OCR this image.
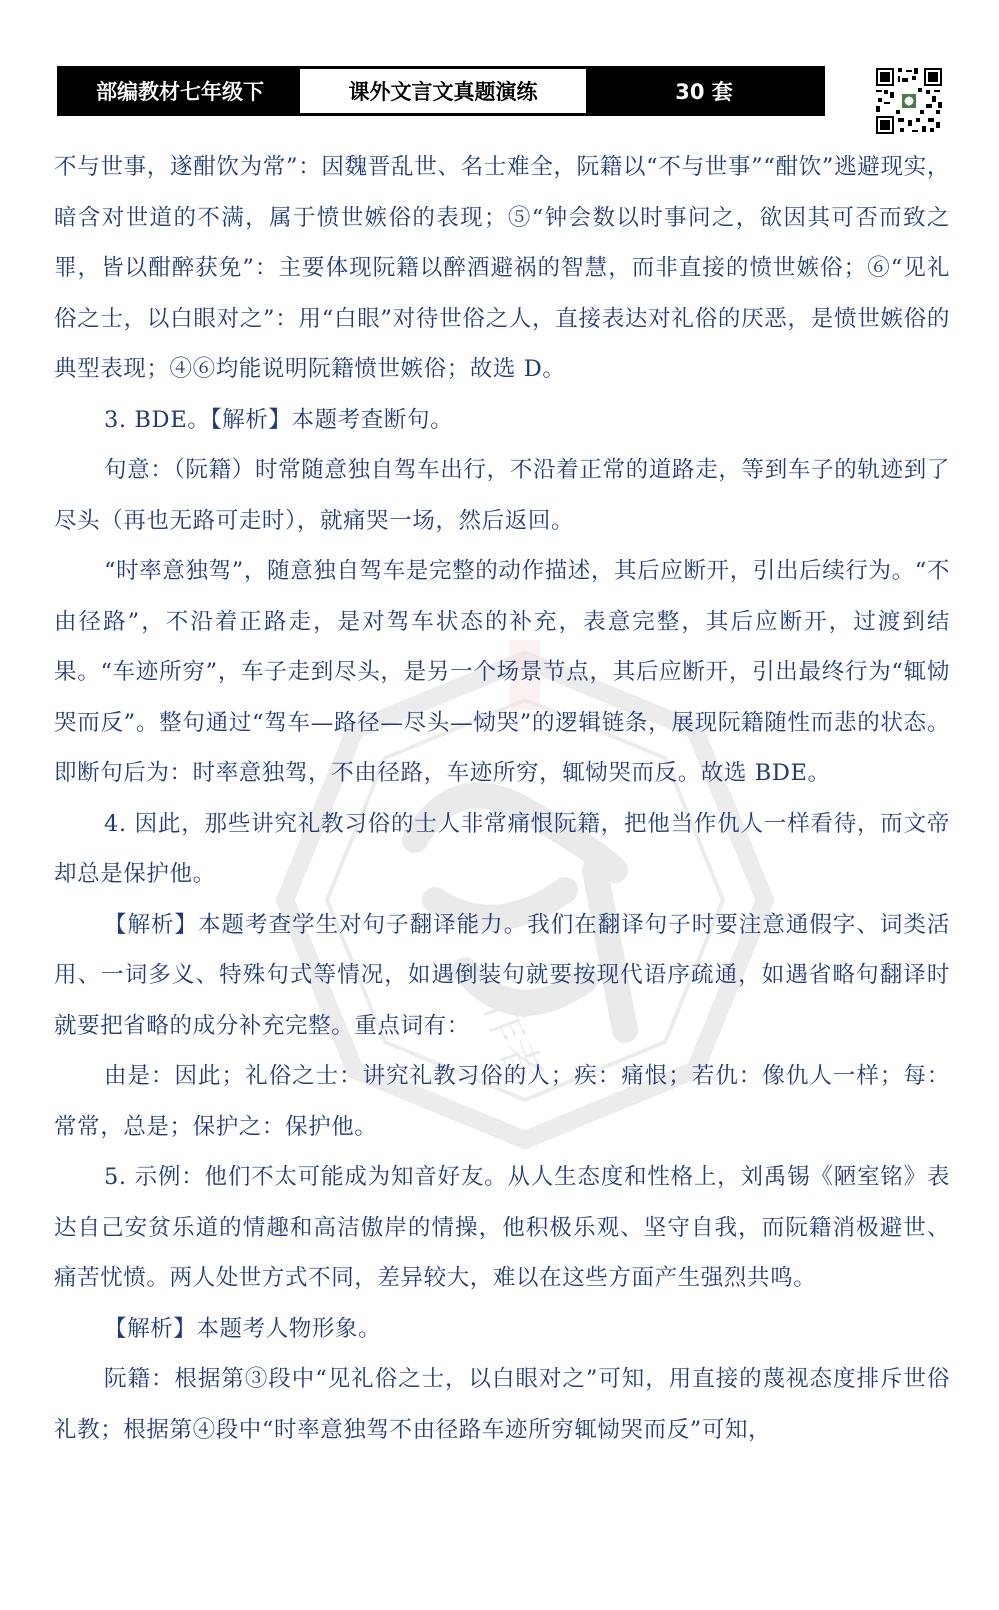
部编教材七年级下	课外文言文真题演练	30 套
作者

不与世事，遂酣饮为常”：因魏晋乱世、名士难全，阮籍以“不与世事”“酣饮”逃避现实，暗含对世道的不满，属于愤世嫉俗的表现；⑤“钟会数以时事问之，欲因其可否而致之罪，皆以酣醉获免”：主要体现阮籍以醉酒避祸的智慧，而非直接的愤世嫉俗；⑥“见礼俗之士，以白眼对之”：用“白眼”对待世俗之人，直接表达对礼俗的厌恶，是愤世嫉俗的典型表现；④⑥均能说明阮籍愤世嫉俗；故选 D。

3. BDE。【解析】本题考查断句。

句意：（阮籍）时常随意独自驾车出行，不沿着正常的道路走，等到车子的轨迹到了尽头（再也无路可走时），就痛哭一场，然后返回。

“时率意独驾”，随意独自驾车是完整的动作描述，其后应断开，引出后续行为。“不由径路”，不沿着正路走，是对驾车状态的补充，表意完整，其后应断开，过渡到结果。“车迹所穷”，车子走到尽头，是另一个场景节点，其后应断开，引出最终行为“辄恸哭而反”。整句通过“驾车—路径—尽头—恸哭”的逻辑链条，展现阮籍随性而悲的状态。即断句后为：时率意独驾，不由径路，车迹所穷，辄恸哭而反。故选 BDE。

4. 因此，那些讲究礼教习俗的士人非常痛恨阮籍，把他当作仇人一样看待，而文帝却总是保护他。

【解析】本题考查学生对句子翻译能力。我们在翻译句子时要注意通假字、词类活用、一词多义、特殊句式等情况，如遇倒装句就要按现代语序疏通，如遇省略句翻译时就要把省略的成分补充完整。重点词有：

由是：因此；礼俗之士：讲究礼教习俗的人；疾：痛恨；若仇：像仇人一样；每：常常，总是；保护之：保护他。

5. 示例：他们不太可能成为知音好友。从人生态度和性格上，刘禹锡《陋室铭》表达自己安贫乐道的情趣和高洁傲岸的情操，他积极乐观、坚守自我，而阮籍消极避世、痛苦忧愤。两人处世方式不同，差异较大，难以在这些方面产生强烈共鸣。

【解析】本题考人物形象。

阮籍：根据第③段中“见礼俗之士，以白眼对之”可知，用直接的蔑视态度排斥世俗礼教；根据第④段中“时率意独驾不由径路车迹所穷辄恸哭而反”可知，
